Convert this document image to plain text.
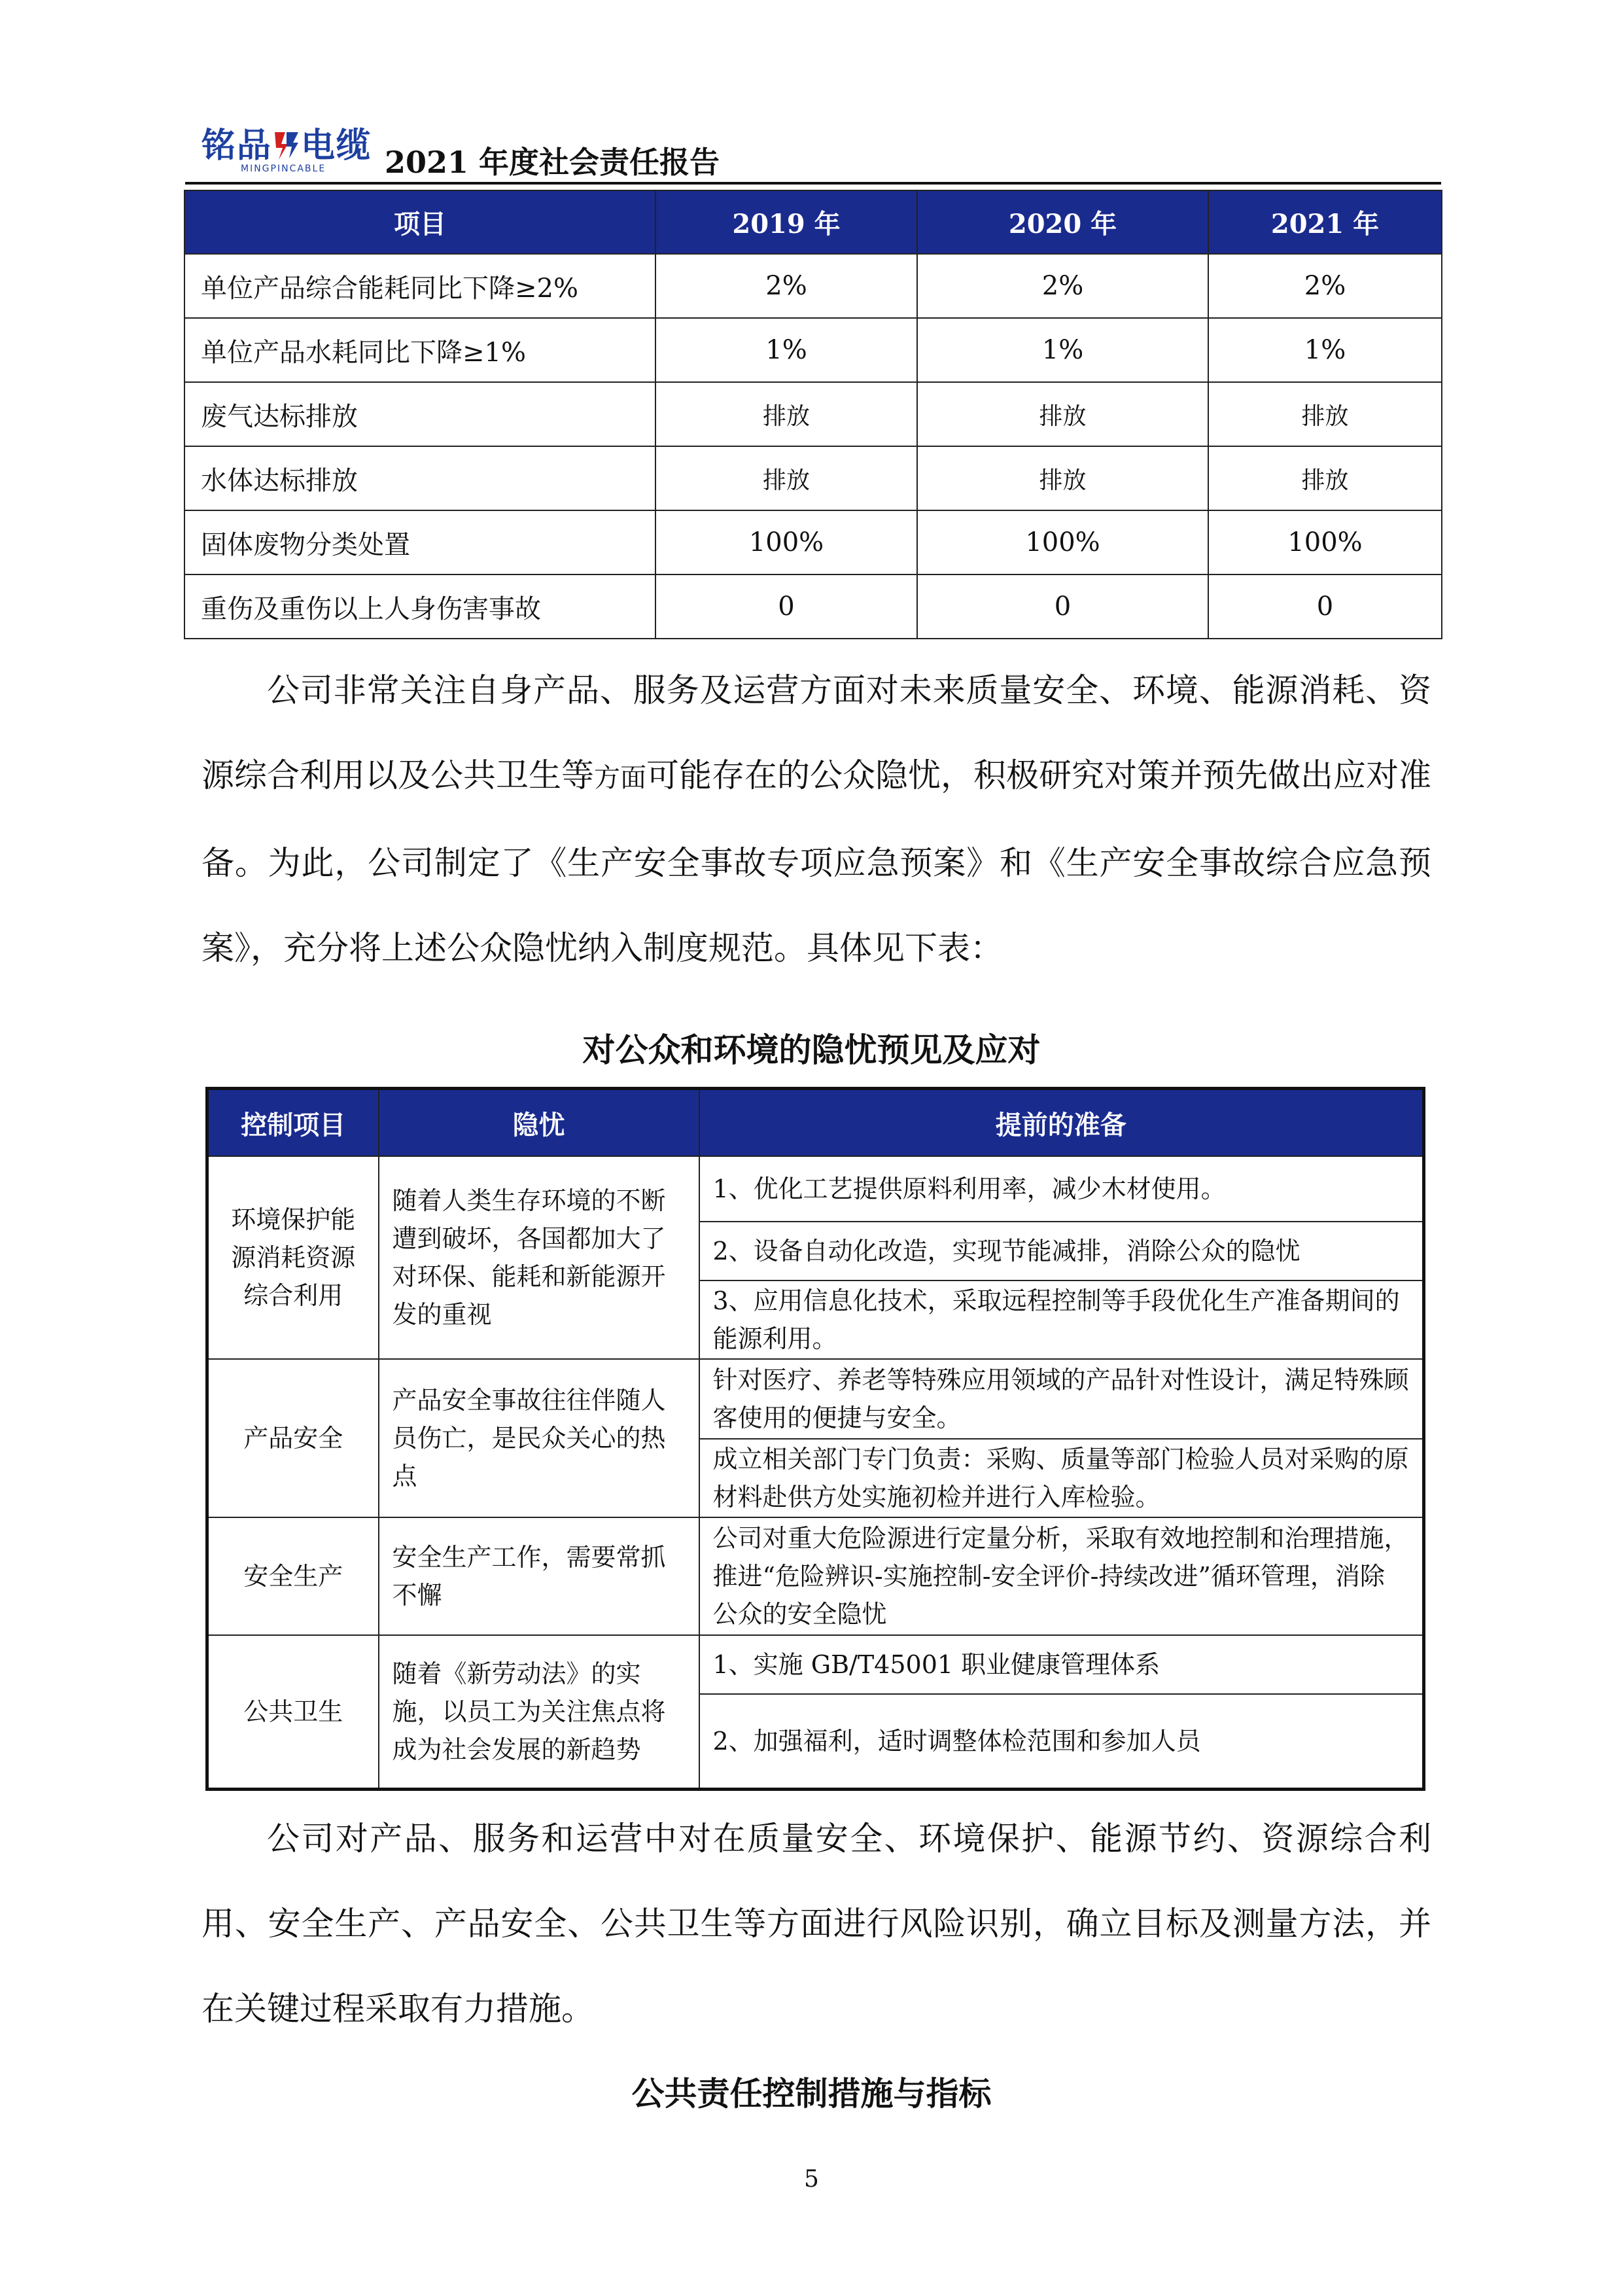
铭品 电缆
MINGPINCABLE 2021 年度社会责任报告
项目	2019 年	2020 年	2021 年
单位产品综合能耗同比下降≥2%	2%	2%	2%
单位产品水耗同比下降≥1%	1%	1%	1%
废气达标排放	排放	排放	排放
水体达标排放	排放	排放	排放
固体废物分类处置	100%	100%	100%
重伤及重伤以上人身伤害事故	0	0	0

公司非常关注自身产品、服务及运营方面对未来质量安全、环境、能源消耗、资源综合利用以及公共卫生等方面可能存在的公众隐忧，积极研究对策并预先做出应对准备。为此，公司制定了《生产安全事故专项应急预案》和《生产安全事故综合应急预案》，充分将上述公众隐忧纳入制度规范。具体见下表：

对公众和环境的隐忧预见及应对
控制项目	隐忧	提前的准备
环境保护能源消耗资源综合利用	随着人类生存环境的不断遭到破坏，各国都加大了对环保、能耗和新能源开发的重视	1、优化工艺提供原料利用率，减少木材使用。
		2、设备自动化改造，实现节能减排，消除公众的隐忧
		3、应用信息化技术，采取远程控制等手段优化生产准备期间的能源利用。
产品安全	产品安全事故往往伴随人员伤亡，是民众关心的热点	针对医疗、养老等特殊应用领域的产品针对性设计，满足特殊顾客使用的便捷与安全。
		成立相关部门专门负责：采购、质量等部门检验人员对采购的原材料赴供方处实施初检并进行入库检验。
安全生产	安全生产工作，需要常抓不懈	公司对重大危险源进行定量分析，采取有效地控制和治理措施，推进“危险辨识-实施控制-安全评价-持续改进”循环管理，消除公众的安全隐忧
公共卫生	随着《新劳动法》的实施，以员工为关注焦点将成为社会发展的新趋势	1、实施 GB/T45001 职业健康管理体系
		2、加强福利，适时调整体检范围和参加人员

公司对产品、服务和运营中对在质量安全、环境保护、能源节约、资源综合利用、安全生产、产品安全、公共卫生等方面进行风险识别，确立目标及测量方法，并在关键过程采取有力措施。

公共责任控制措施与指标
5
